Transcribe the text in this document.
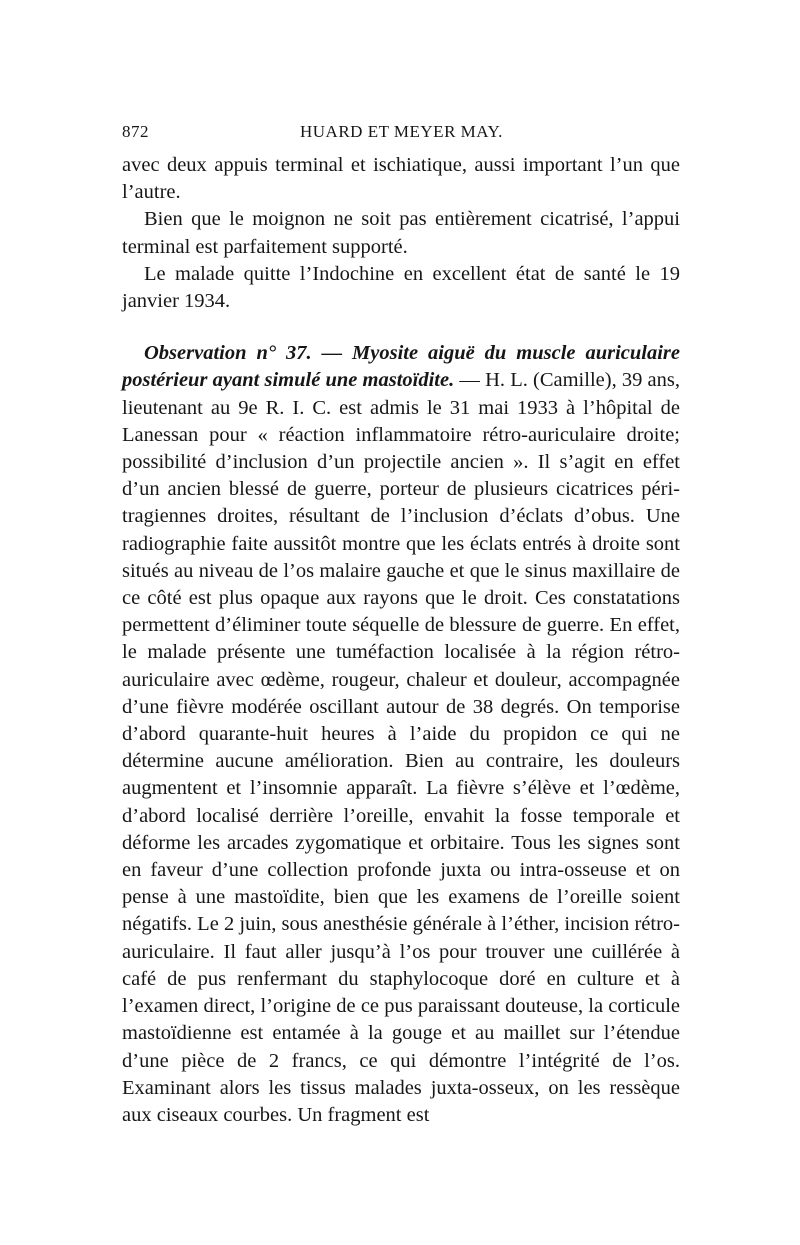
872	HUARD ET MEYER MAY.

avec deux appuis terminal et ischiatique, aussi important l’un que l’autre.

Bien que le moignon ne soit pas entièrement cicatrisé, l’appui terminal est parfaitement supporté.

Le malade quitte l’Indochine en excellent état de santé le 19 janvier 1934.

Observation n° 37. — Myosite aiguë du muscle auriculaire postérieur ayant simulé une mastoïdite. — H. L. (Camille), 39 ans, lieutenant au 9e R. I. C. est admis le 31 mai 1933 à l’hôpital de Lanessan pour « réaction inflammatoire rétro-auriculaire droite; possibilité d’inclusion d’un projectile ancien ». Il s’agit en effet d’un ancien blessé de guerre, porteur de plusieurs cicatrices péri-tragiennes droites, résultant de l’inclusion d’éclats d’obus. Une radiographie faite aussitôt montre que les éclats entrés à droite sont situés au niveau de l’os malaire gauche et que le sinus maxillaire de ce côté est plus opaque aux rayons que le droit. Ces constatations permettent d’éliminer toute séquelle de blessure de guerre. En effet, le malade présente une tuméfaction localisée à la région rétro-auriculaire avec œdème, rougeur, chaleur et douleur, accompagnée d’une fièvre modérée oscillant autour de 38 degrés. On temporise d’abord quarante-huit heures à l’aide du propidon ce qui ne détermine aucune amélioration. Bien au contraire, les douleurs augmentent et l’insomnie apparaît. La fièvre s’élève et l’œdème, d’abord localisé derrière l’oreille, envahit la fosse temporale et déforme les arcades zygomatique et orbitaire. Tous les signes sont en faveur d’une collection profonde juxta ou intra-osseuse et on pense à une mastoïdite, bien que les examens de l’oreille soient négatifs. Le 2 juin, sous anesthésie générale à l’éther, incision rétro-auriculaire. Il faut aller jusqu’à l’os pour trouver une cuillérée à café de pus renfermant du staphylocoque doré en culture et à l’examen direct, l’origine de ce pus paraissant douteuse, la corticule mastoïdienne est entamée à la gouge et au maillet sur l’étendue d’une pièce de 2 francs, ce qui démontre l’intégrité de l’os. Examinant alors les tissus malades juxta-osseux, on les ressèque aux ciseaux courbes. Un fragment est
